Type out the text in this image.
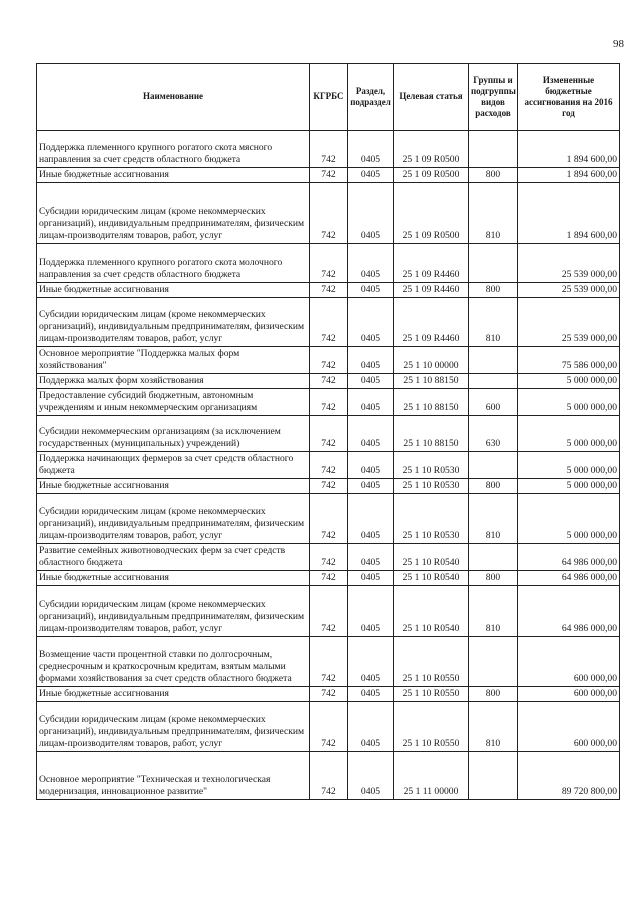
98
Наименование	КГРБС	Раздел, подраздел	Целевая статья	Группы и подгруппы видов расходов	Измененные бюджетные ассигнования на 2016 год
Поддержка племенного крупного рогатого скота мясного направления за счет средств областного бюджета	742	0405	25 1 09 R0500		1 894 600,00
Иные бюджетные ассигнования	742	0405	25 1 09 R0500	800	1 894 600,00
Субсидии юридическим лицам (кроме некоммерческих организаций), индивидуальным предпринимателям, физическим лицам-производителям товаров, работ, услуг	742	0405	25 1 09 R0500	810	1 894 600,00
Поддержка племенного крупного рогатого скота молочного направления за счет средств областного бюджета	742	0405	25 1 09 R4460		25 539 000,00
Иные бюджетные ассигнования	742	0405	25 1 09 R4460	800	25 539 000,00
Субсидии юридическим лицам (кроме некоммерческих организаций), индивидуальным предпринимателям, физическим лицам-производителям товаров, работ, услуг	742	0405	25 1 09 R4460	810	25 539 000,00
Основное мероприятие "Поддержка малых форм хозяйствования"	742	0405	25 1 10 00000		75 586 000,00
Поддержка малых форм хозяйствования	742	0405	25 1 10 88150		5 000 000,00
Предоставление субсидий бюджетным, автономным учреждениям и иным некоммерческим организациям	742	0405	25 1 10 88150	600	5 000 000,00
Субсидии некоммерческим организациям (за исключением государственных (муниципальных) учреждений)	742	0405	25 1 10 88150	630	5 000 000,00
Поддержка начинающих фермеров за счет средств областного бюджета	742	0405	25 1 10 R0530		5 000 000,00
Иные бюджетные ассигнования	742	0405	25 1 10 R0530	800	5 000 000,00
Субсидии юридическим лицам (кроме некоммерческих организаций), индивидуальным предпринимателям, физическим лицам-производителям товаров, работ, услуг	742	0405	25 1 10 R0530	810	5 000 000,00
Развитие семейных животноводческих ферм за счет средств областного бюджета	742	0405	25 1 10 R0540		64 986 000,00
Иные бюджетные ассигнования	742	0405	25 1 10 R0540	800	64 986 000,00
Субсидии юридическим лицам (кроме некоммерческих организаций), индивидуальным предпринимателям, физическим лицам-производителям товаров, работ, услуг	742	0405	25 1 10 R0540	810	64 986 000,00
Возмещение части процентной ставки по долгосрочным, среднесрочным и краткосрочным кредитам, взятым малыми формами хозяйствования за счет средств областного бюджета	742	0405	25 1 10 R0550		600 000,00
Иные бюджетные ассигнования	742	0405	25 1 10 R0550	800	600 000,00
Субсидии юридическим лицам (кроме некоммерческих организаций), индивидуальным предпринимателям, физическим лицам-производителям товаров, работ, услуг	742	0405	25 1 10 R0550	810	600 000,00
Основное мероприятие "Техническая и технологическая модернизация, инновационное развитие"	742	0405	25 1 11 00000		89 720 800,00
